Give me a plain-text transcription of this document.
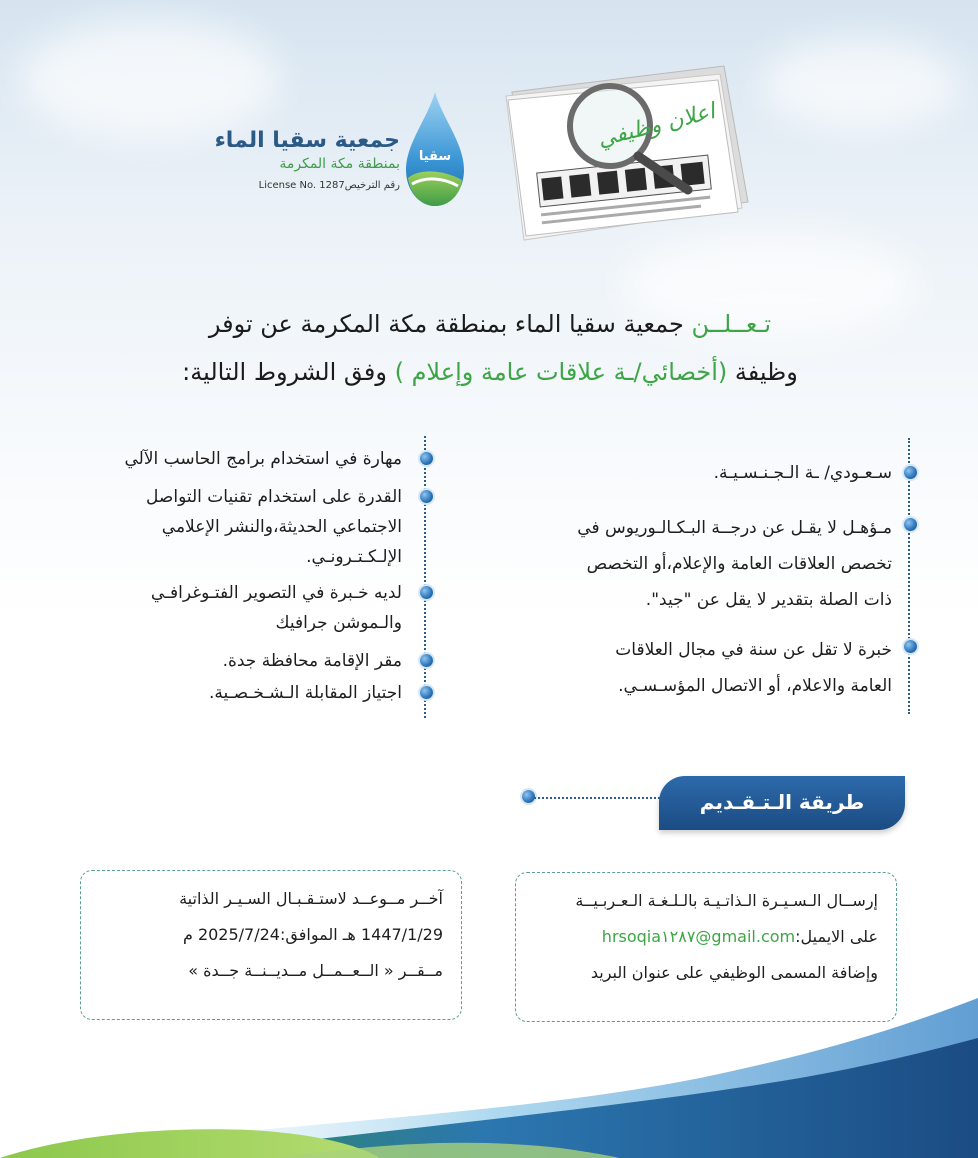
جمعية سقيا الماء
بمنطقة مكة المكرمة
License No. 1287رقم الترخيص
سقيا
اعلان وظيفي
تـعــلــن جمعية سقيا الماء بمنطقة مكة المكرمة عن توفر
وظيفة (أخصائي/ـة علاقات عامة وإعلام ) وفق الشروط التالية:
سـعـودي/ ـة الـجـنـسـيـة.
مـؤهـل لا يقـل عن درجــة البـكـالـوريوس في
تخصص العلاقات العامة والإعلام،أو التخصص
ذات الصلة بتقدير لا يقل عن "جيد".
خبرة لا تقل عن سنة في مجال العلاقات
العامة والاعلام، أو الاتصال المؤسـسـي.
مهارة في استخدام برامج الحاسب الآلي
القدرة على استخدام تقنيات التواصل
الاجتماعي الحديثة،والنشر الإعلامي
الإلـكـتـرونـي.
لديه خـبرة في التصوير الفتـوغرافـي
والـموشن جرافيك
مقر الإقامة محافظة جدة.
اجتياز المقابلة الـشـخـصـية.
طريقة الـتـقـديم
إرســال الـسـيـرة الـذاتـيـة بالـلـغـة الـعـربـيــة
على الايميل:hrsoqia١٢٨٧@gmail.com
وإضافة المسمى الوظيفي على عنوان البريد
آخــر مــوعــد لاستـقـبـال السـيـر الذاتية
1447/1/29 هـ الموافق:2025/7/24 م
مــقــر « الــعــمــل مــديــنــة جــدة »
